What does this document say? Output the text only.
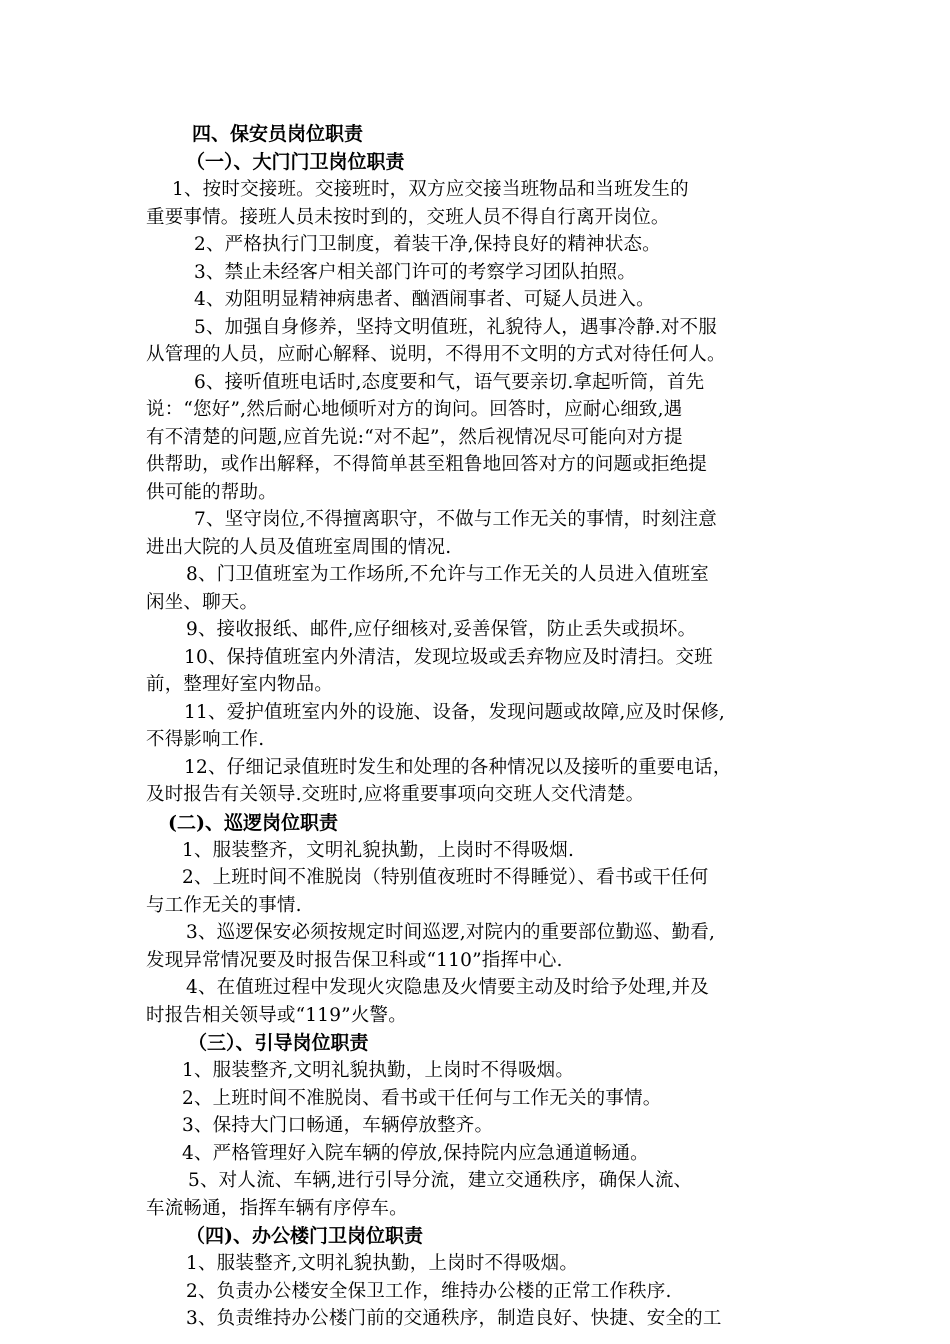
四、保安员岗位职责
（一）、大门门卫岗位职责
1、按时交接班。交接班时，双方应交接当班物品和当班发生的
重要事情。接班人员未按时到的，交班人员不得自行离开岗位。
2、严格执行门卫制度，着装干净,保持良好的精神状态。
3、禁止未经客户相关部门许可的考察学习团队拍照。
4、劝阻明显精神病患者、酗酒闹事者、可疑人员进入。
5、加强自身修养，坚持文明值班，礼貌待人，遇事冷静.对不服
从管理的人员，应耐心解释、说明，不得用不文明的方式对待任何人。
6、接听值班电话时,态度要和气，语气要亲切.拿起听筒，首先
说：“您好”,然后耐心地倾听对方的询问。回答时，应耐心细致,遇
有不清楚的问题,应首先说:“对不起”，然后视情况尽可能向对方提
供帮助，或作出解释，不得简单甚至粗鲁地回答对方的问题或拒绝提
供可能的帮助。
7、坚守岗位,不得擅离职守，不做与工作无关的事情，时刻注意
进出大院的人员及值班室周围的情况.
8、门卫值班室为工作场所,不允许与工作无关的人员进入值班室
闲坐、聊天。
9、接收报纸、邮件,应仔细核对,妥善保管，防止丢失或损坏。
10、保持值班室内外清洁，发现垃圾或丢弃物应及时清扫。交班
前，整理好室内物品。
11、爱护值班室内外的设施、设备，发现问题或故障,应及时保修,
不得影响工作.
12、仔细记录值班时发生和处理的各种情况以及接听的重要电话，
及时报告有关领导.交班时,应将重要事项向交班人交代清楚。
(二)、巡逻岗位职责
1、服装整齐，文明礼貌执勤，上岗时不得吸烟.
2、上班时间不准脱岗（特别值夜班时不得睡觉）、看书或干任何
与工作无关的事情.
3、巡逻保安必须按规定时间巡逻,对院内的重要部位勤巡、勤看,
发现异常情况要及时报告保卫科或“110”指挥中心.
4、在值班过程中发现火灾隐患及火情要主动及时给予处理,并及
时报告相关领导或“119”火警。
（三）、引导岗位职责
1、服装整齐,文明礼貌执勤，上岗时不得吸烟。
2、上班时间不准脱岗、看书或干任何与工作无关的事情。
3、保持大门口畅通，车辆停放整齐。
4、严格管理好入院车辆的停放,保持院内应急通道畅通。
5、对人流、车辆,进行引导分流，建立交通秩序，确保人流、
车流畅通，指挥车辆有序停车。
（四)、办公楼门卫岗位职责
1、服装整齐,文明礼貌执勤，上岗时不得吸烟。
2、负责办公楼安全保卫工作，维持办公楼的正常工作秩序.
3、负责维持办公楼门前的交通秩序，制造良好、快捷、安全的工
